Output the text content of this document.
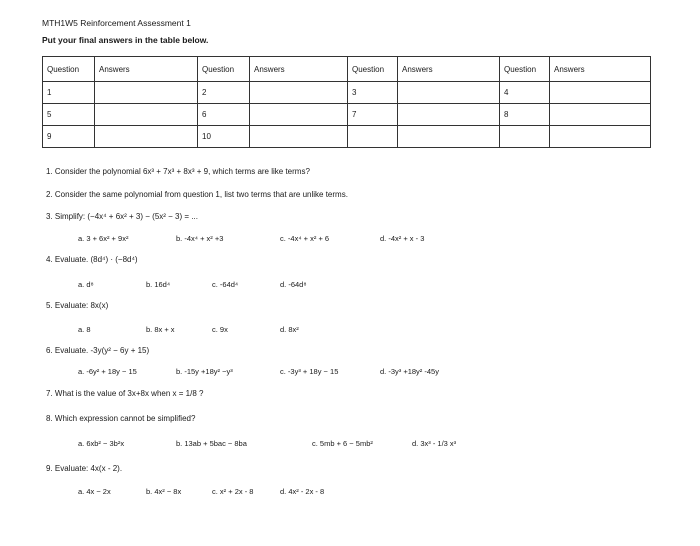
MTH1W5 Reinforcement Assessment 1
Put your final answers in the table below.
Question	Answers	Question	Answers	Question	Answers	Question	Answers
1		2		3		4	
5		6		7		8	
9		10					
1. Consider the polynomial 6x³ + 7x³ + 8x³ + 9, which terms are like terms?
2. Consider the same polynomial from question 1, list two terms that are unlike terms.
3. Simplify: (−4x⁴ + 6x² + 3) − (5x² − 3) = ...
a. 3 + 6x² + 9x²	b. -4x⁴ + x² +3	c. -4x⁴ + x² + 6	d. -4x² + x - 3
4. Evaluate. (8d⁴) · (−8d⁴)
a. d⁸	b. 16d⁴	c. -64d⁴	d. -64d⁸
5. Evaluate: 8x(x)
a. 8	b. 8x + x	c. 9x	d. 8x²
6. Evaluate. -3y(y² − 6y + 15)
a. -6y² + 18y − 15	b. -15y +18y² −y³	c. -3y³ + 18y − 15	d. -3y³ +18y² -45y
7. What is the value of 3x+8x when x = 1/8 ?
8. Which expression cannot be simplified?
a. 6xb² − 3b²x	b. 13ab + 5bac − 8ba	c. 5mb + 6 − 5mb²	d. 3x³ - 1/3 x³
9. Evaluate: 4x(x - 2).
a. 4x − 2x	b. 4x² − 8x	c. x² + 2x - 8	d. 4x² - 2x - 8
